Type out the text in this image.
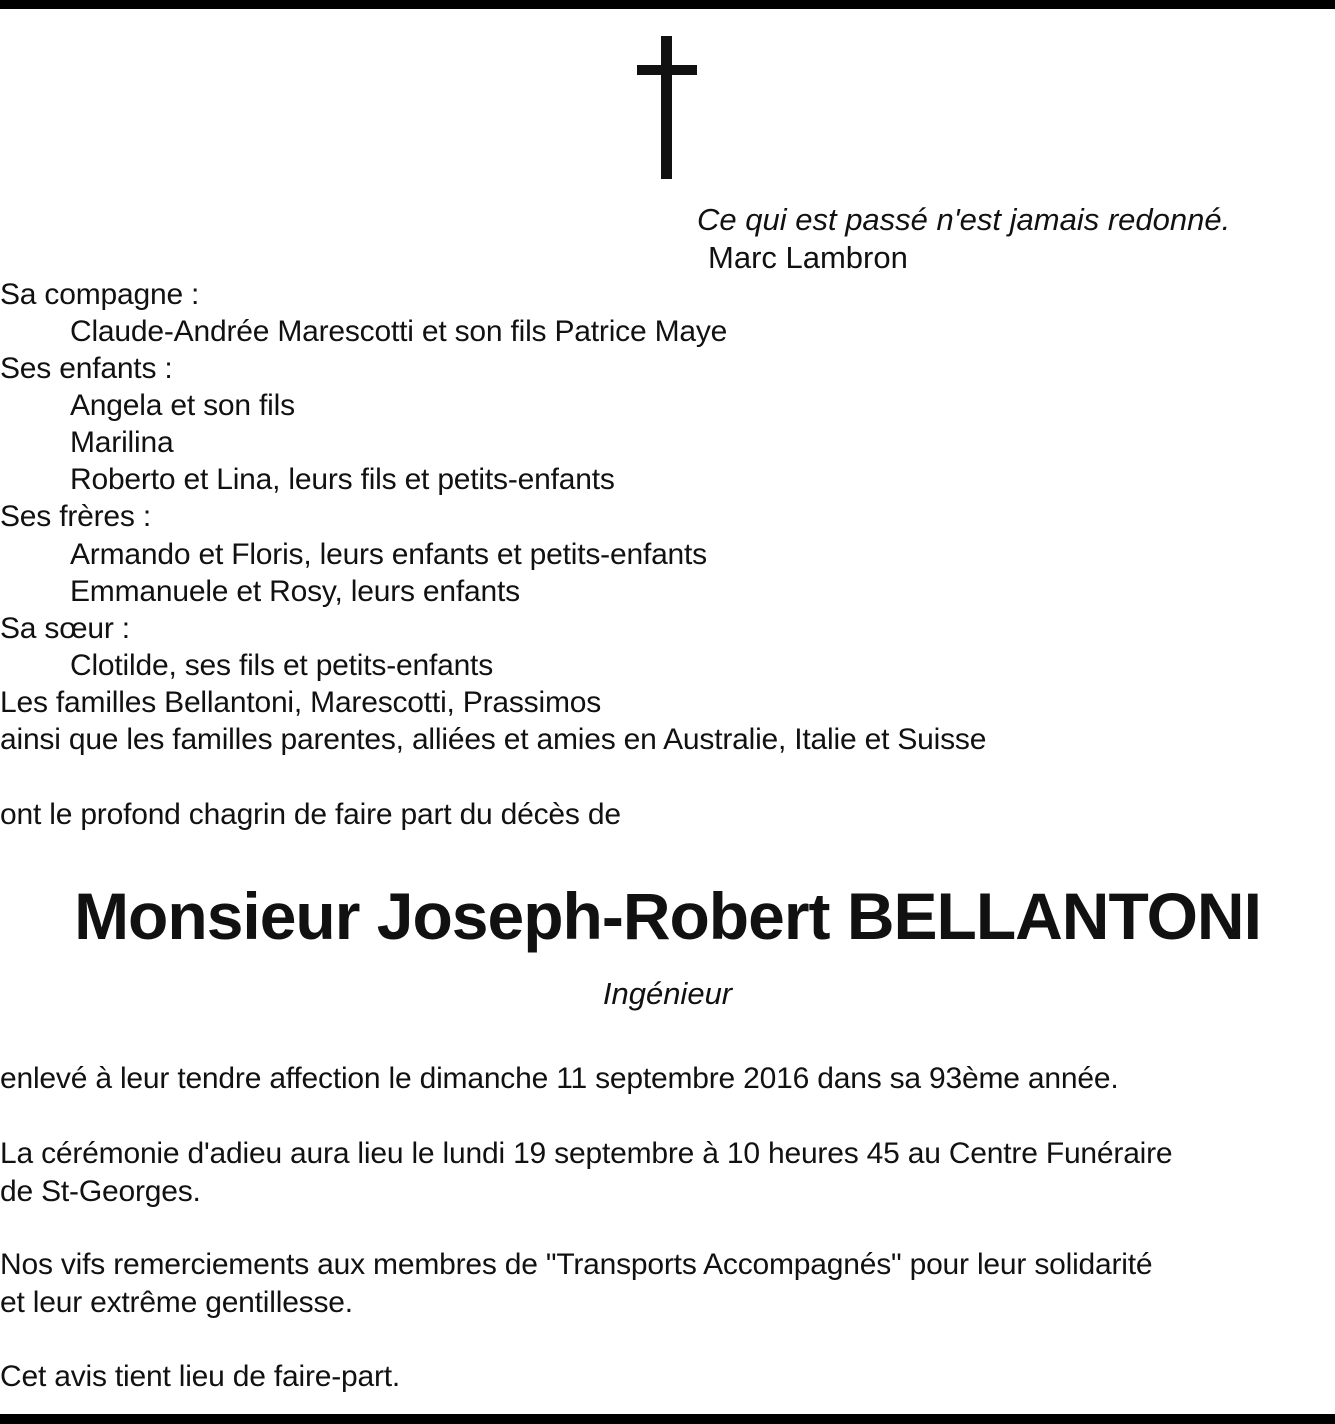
Ce qui est passé n'est jamais redonné.
Marc Lambron
Sa compagne :
Claude-Andrée Marescotti et son fils Patrice Maye
Ses enfants :
Angela et son fils
Marilina
Roberto et Lina, leurs fils et petits-enfants
Ses frères :
Armando et Floris, leurs enfants et petits-enfants
Emmanuele et Rosy, leurs enfants
Sa sœur :
Clotilde, ses fils et petits-enfants
Les familles Bellantoni, Marescotti, Prassimos
ainsi que les familles parentes, alliées et amies en Australie, Italie et Suisse
ont le profond chagrin de faire part du décès de
Monsieur Joseph-Robert BELLANTONI
Ingénieur
enlevé à leur tendre affection le dimanche 11 septembre 2016 dans sa 93ème année.
La cérémonie d'adieu aura lieu le lundi 19 septembre à 10 heures 45 au Centre Funéraire
de St-Georges.
Nos vifs remerciements aux membres de "Transports Accompagnés" pour leur solidarité
et leur extrême gentillesse.
Cet avis tient lieu de faire-part.
